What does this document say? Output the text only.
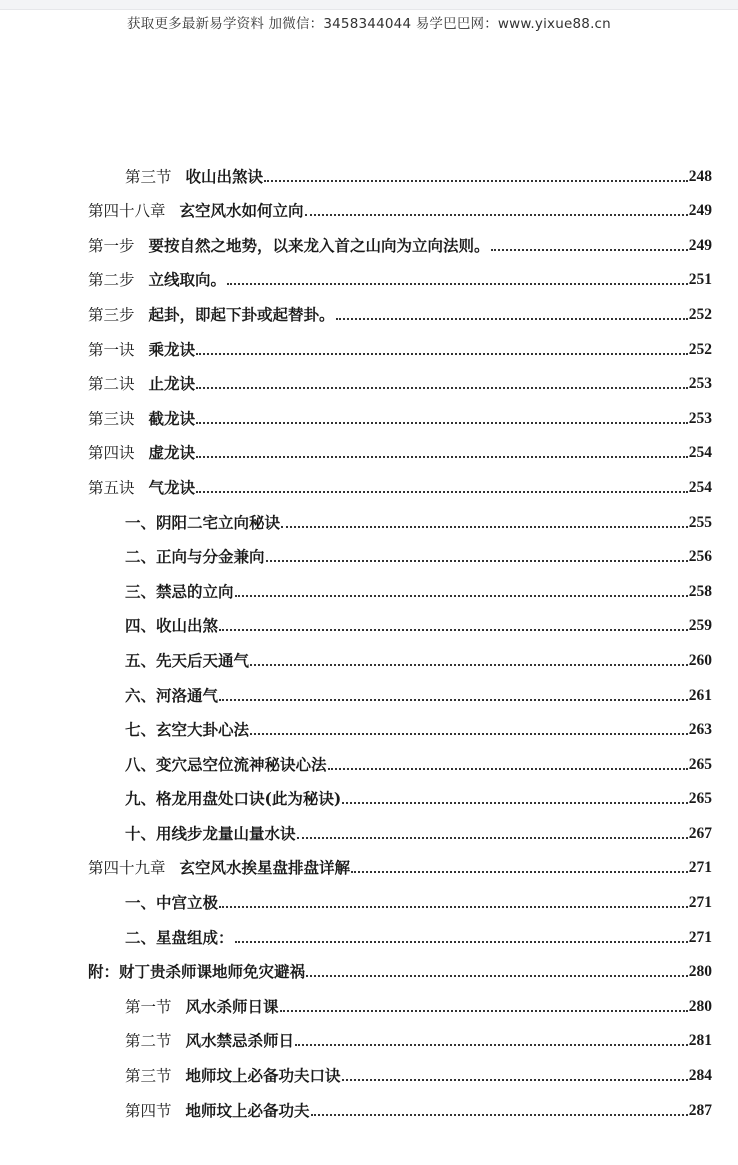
获取更多最新易学资料 加微信：3458344044 易学巴巴网：www.yixue88.cn
第三节 收山出煞诀	248
第四十八章 玄空风水如何立向	249
第一步 要按自然之地势，以来龙入首之山向为立向法则。	249
第二步 立线取向。	251
第三步 起卦，即起下卦或起替卦。	252
第一诀 乘龙诀	252
第二诀 止龙诀	253
第三诀 截龙诀	253
第四诀 虚龙诀	254
第五诀 气龙诀	254
一、阴阳二宅立向秘诀	255
二、正向与分金兼向	256
三、禁忌的立向	258
四、收山出煞	259
五、先天后天通气	260
六、河洛通气	261
七、玄空大卦心法	263
八、变穴忌空位流神秘诀心法	265
九、格龙用盘处口诀(此为秘诀)	265
十、用线步龙量山量水诀	267
第四十九章 玄空风水挨星盘排盘详解	271
一、中宫立极	271
二、星盘组成：	271
附：财丁贵杀师课地师免灾避祸	280
第一节 风水杀师日课	280
第二节 风水禁忌杀师日	281
第三节 地师坟上必备功夫口诀	284
第四节 地师坟上必备功夫	287
